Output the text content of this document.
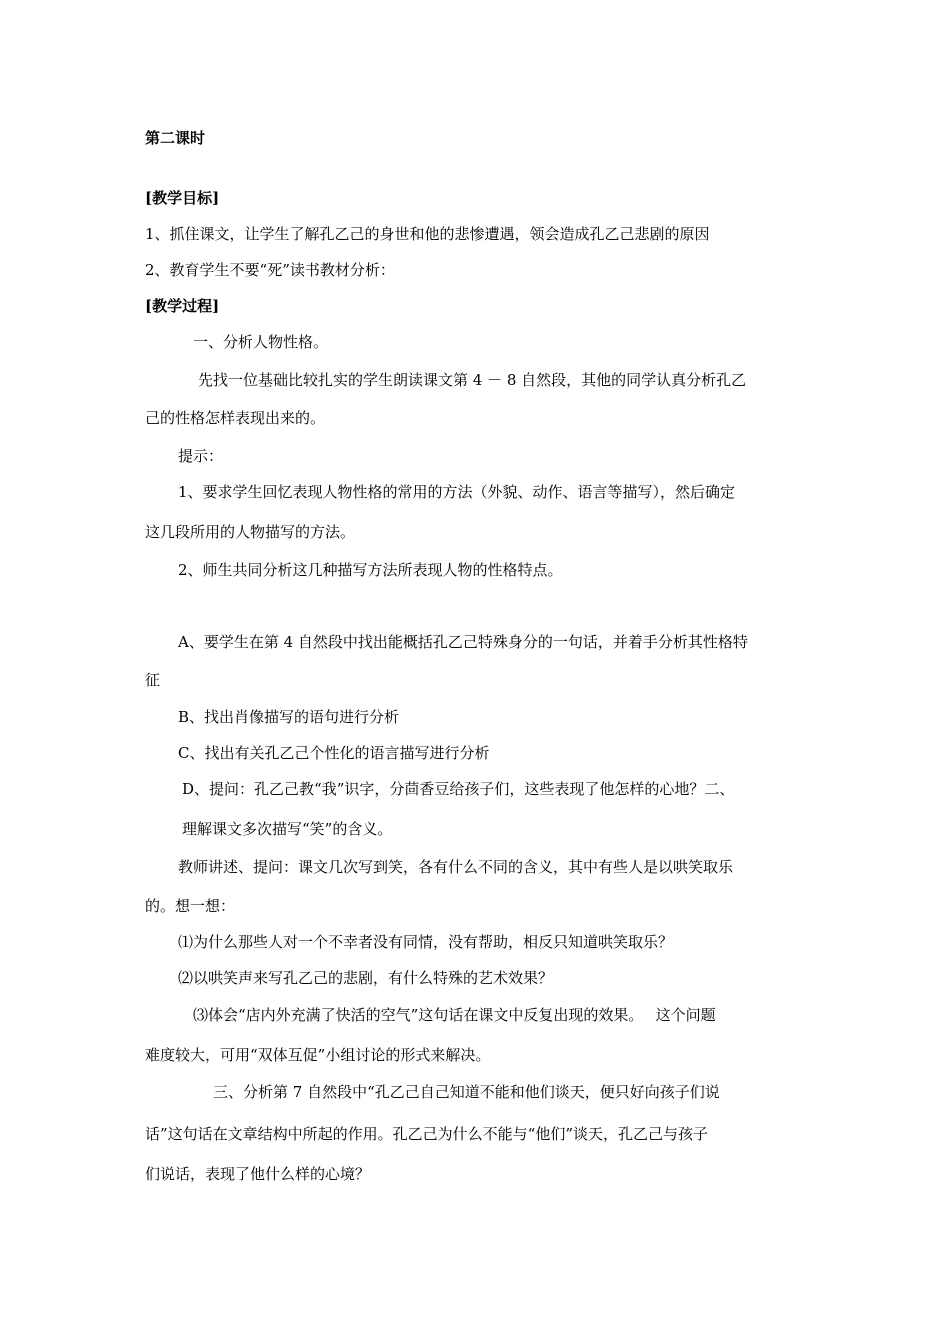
第二课时
[教学目标]
1、抓住课文，让学生了解孔乙己的身世和他的悲惨遭遇，领会造成孔乙己悲剧的原因
2、教育学生不要“死”读书教材分析：
[教学过程]
一、分析人物性格。
先找一位基础比较扎实的学生朗读课文第 4 － 8 自然段，其他的同学认真分析孔乙
己的性格怎样表现出来的。
提示：
1、要求学生回忆表现人物性格的常用的方法（外貌、动作、语言等描写），然后确定
这几段所用的人物描写的方法。
2、师生共同分析这几种描写方法所表现人物的性格特点。
A、要学生在第 4 自然段中找出能概括孔乙己特殊身分的一句话，并着手分析其性格特
征
B、找出肖像描写的语句进行分析
C、找出有关孔乙己个性化的语言描写进行分析
D、提问：孔乙己教“我”识字，分茴香豆给孩子们，这些表现了他怎样的心地？二、
理解课文多次描写“笑”的含义。
教师讲述、提问：课文几次写到笑，各有什么不同的含义，其中有些人是以哄笑取乐
的。想一想：
⑴为什么那些人对一个不幸者没有同情，没有帮助，相反只知道哄笑取乐？
⑵以哄笑声来写孔乙己的悲剧，有什么特殊的艺术效果？
⑶体会“店内外充满了快活的空气”这句话在课文中反复出现的效果。　 这个问题
难度较大，可用“双体互促”小组讨论的形式来解决。
三、分析第 7 自然段中“孔乙己自己知道不能和他们谈天，便只好向孩子们说
话”这句话在文章结构中所起的作用。孔乙己为什么不能与“他们”谈天，孔乙己与孩子
们说话，表现了他什么样的心境？
